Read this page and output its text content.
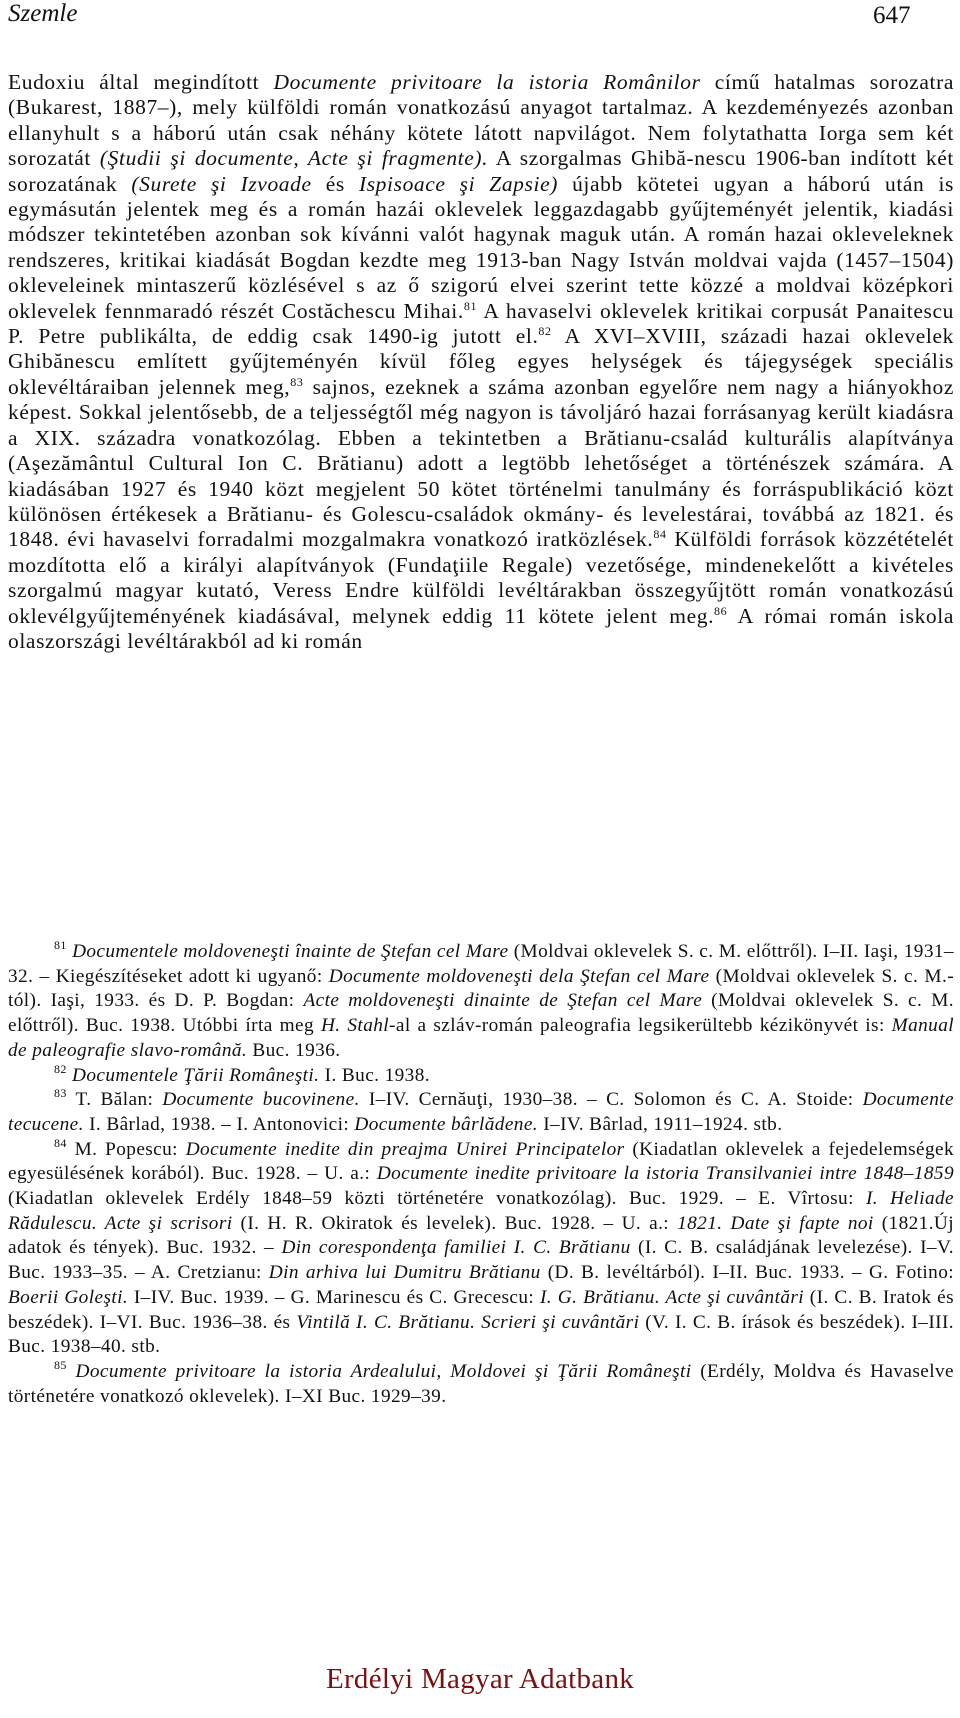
Szemle	647

Eudoxiu által megindított Documente privitoare la istoria Românilor című hatalmas sorozatra (Bukarest, 1887–), mely külföldi román vonatkozású anyagot tartalmaz. A kezdeményezés azonban ellanyhult s a háború után csak néhány kötete látott napvilágot. Nem folytathatta Iorga sem két sorozatát (Ştudii şi documente, Acte şi fragmente). A szorgalmas Ghibă-nescu 1906-ban indított két sorozatának (Surete şi Izvoade és Ispisoace şi Zapsie) újabb kötetei ugyan a háború után is egymásután jelentek meg és a román hazái oklevelek leggazdagabb gyűjteményét jelentik, kiadási módszer tekintetében azonban sok kívánni valót hagynak maguk után. A román hazai okleveleknek rendszeres, kritikai kiadását Bogdan kezdte meg 1913-ban Nagy István moldvai vajda (1457–1504) okleveleinek mintaszerű közlésével s az ő szigorú elvei szerint tette közzé a moldvai középkori oklevelek fennmaradó részét Costăchescu Mihai.$^{81}$ A havaselvi oklevelek kritikai corpusát Panaitescu P. Petre publikálta, de eddig csak 1490-ig jutott el.$^{82}$ A XVI–XVIII, századi hazai oklevelek Ghibănescu említett gyűjteményén kívül főleg egyes helységek és tájegységek speciális oklevéltáraiban jelennek meg,$^{83}$ sajnos, ezeknek a száma azonban egyelőre nem nagy a hiányokhoz képest. Sokkal jelentősebb, de a teljességtől még nagyon is távoljáró hazai forrásanyag került kiadásra a XIX. századra vonatkozólag. Ebben a tekintetben a Brătianu-család kulturális alapítványa (Aşezământul Cultural Ion C. Brătianu) adott a legtöbb lehetőséget a történészek számára. A kiadásában 1927 és 1940 közt megjelent 50 kötet történelmi tanulmány és forráspublikáció közt különösen értékesek a Brătianu- és Golescu-családok okmány- és levelestárai, továbbá az 1821. és 1848. évi havaselvi forradalmi mozgalmakra vonatkozó iratközlések.$^{84}$ Külföldi források közzétételét mozdította elő a királyi alapítványok (Fundaţiile Regale) vezetősége, mindenekelőtt a kivételes szorgalmú magyar kutató, Veress Endre külföldi levéltárakban összegyűjtött román vonatkozású oklevélgyűjteményének kiadásával, melynek eddig 11 kötete jelent meg.$^{86}$ A római román iskola olaszországi levéltárakból ad ki román

$^{81}$ Documentele moldoveneşti înainte de Ştefan cel Mare (Moldvai oklevelek S. c. M. előttről). I–II. Iaşi, 1931–32. – Kiegészítéseket adott ki ugyanő: Documente moldoveneşti dela Ştefan cel Mare (Moldvai oklevelek S. c. M.-tól). Iaşi, 1933. és D. P. Bogdan: Acte moldoveneşti dinainte de Ştefan cel Mare (Moldvai oklevelek S. c. M. előttről). Buc. 1938. Utóbbi írta meg H. Stahl-al a szláv-román paleografia legsikerültebb kézikönyvét is: Manual de paleografie slavo-română. Buc. 1936.

$^{82}$ Documentele Ţării Româneşti. I. Buc. 1938.

$^{83}$ T. Bălan: Documente bucovinene. I–IV. Cernăuţi, 1930–38. – C. Solomon és C. A. Stoide: Documente tecucene. I. Bârlad, 1938. – I. Antonovici: Documente bârlădene. I–IV. Bârlad, 1911–1924. stb.

$^{84}$ M. Popescu: Documente inedite din preajma Unirei Principatelor (Kiadatlan oklevelek a fejedelemségek egyesülésének korából). Buc. 1928. – U. a.: Documente inedite privitoare la istoria Transilvaniei intre 1848–1859 (Kiadatlan oklevelek Erdély 1848–59 közti történetére vonatkozólag). Buc. 1929. – E. Vîrtosu: I. Heliade Rădulescu. Acte şi scrisori (I. H. R. Okiratok és levelek). Buc. 1928. – U. a.: 1821. Date şi fapte noi (1821.Új adatok és tények). Buc. 1932. – Din corespondenţa familiei I. C. Brătianu (I. C. B. családjának levelezése). I–V. Buc. 1933–35. – A. Cretzianu: Din arhiva lui Dumitru Brătianu (D. B. levéltárból). I–II. Buc. 1933. – G. Fotino: Boerii Goleşti. I–IV. Buc. 1939. – G. Marinescu és C. Grecescu: I. G. Brătianu. Acte şi cuvântări (I. C. B. Iratok és beszédek). I–VI. Buc. 1936–38. és Vintilă I. C. Brătianu. Scrieri şi cuvântări (V. I. C. B. írások és beszédek). I–III. Buc. 1938–40. stb.

$^{85}$ Documente privitoare la istoria Ardealului, Moldovei şi Ţării Româneşti (Erdély, Moldva és Havaselve történetére vonatkozó oklevelek). I–XI Buc. 1929–39.

Erdélyi Magyar Adatbank
